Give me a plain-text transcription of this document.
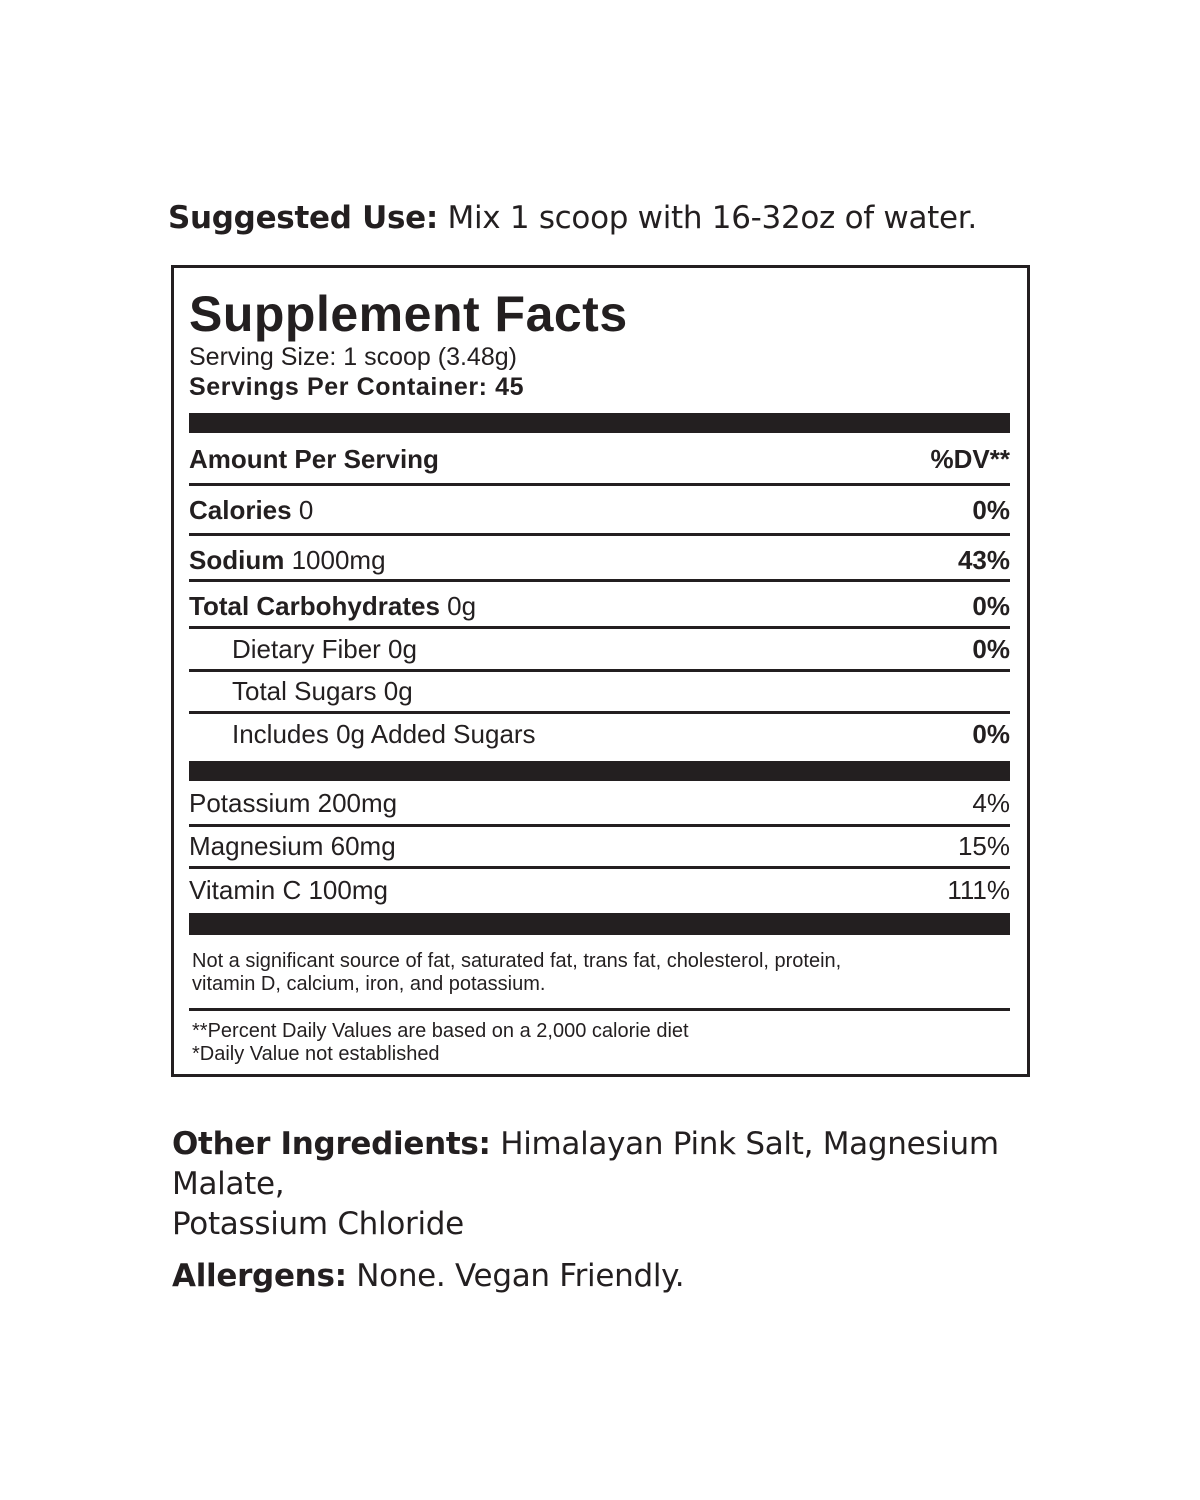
Suggested Use: Mix 1 scoop with 16-32oz of water.
Supplement Facts
Serving Size: 1 scoop (3.48g)
Servings Per Container: 45
Amount Per Serving	%DV**
Calories 0	0%
Sodium 1000mg	43%
Total Carbohydrates 0g	0%
Dietary Fiber 0g	0%
Total Sugars 0g
Includes 0g Added Sugars	0%
Potassium 200mg	4%
Magnesium 60mg	15%
Vitamin C 100mg	111%
Not a significant source of fat, saturated fat, trans fat, cholesterol, protein,
vitamin D, calcium, iron, and potassium.
**Percent Daily Values are based on a 2,000 calorie diet
*Daily Value not established
Other Ingredients: Himalayan Pink Salt, Magnesium Malate,
Potassium Chloride
Allergens: None. Vegan Friendly.
